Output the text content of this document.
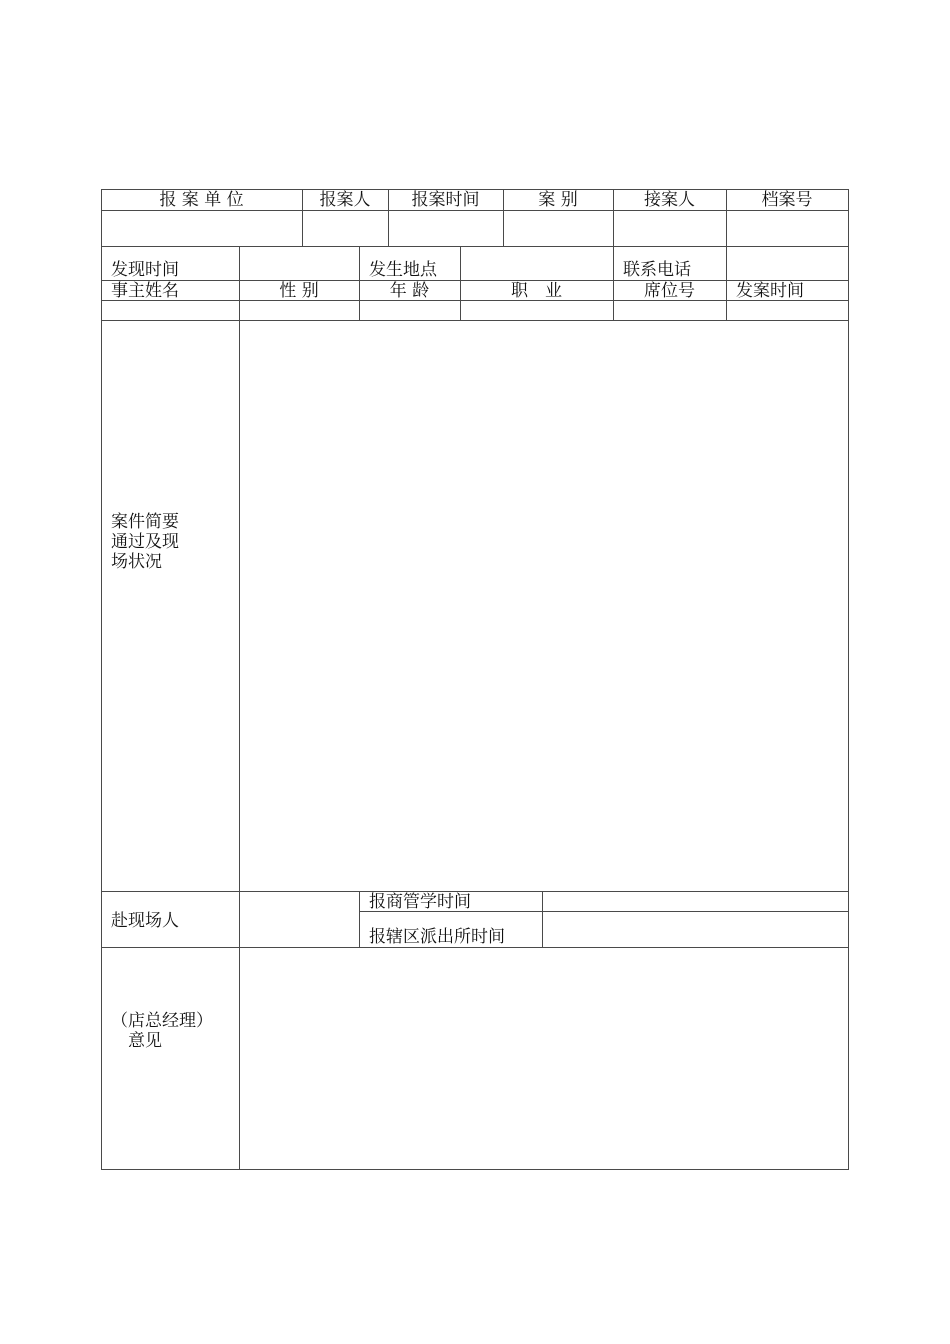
报 案 单 位	报案人	报案时间	案 别	接案人	档案号
发现时间	发生地点	联系电话
事主姓名	性 别	年 龄	职　业	席位号	发案时间
案件简要
通过及现
场状况
赴现场人
报商管学时间
报辖区派出所时间
（店总经理）
　意见
